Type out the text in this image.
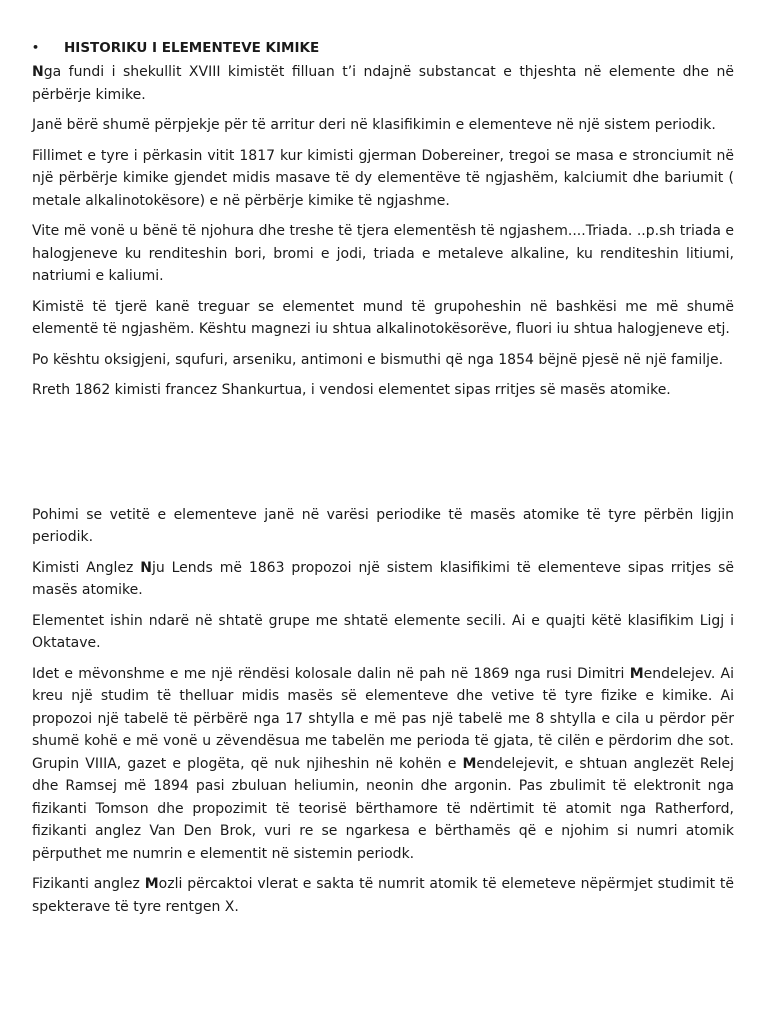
•	HISTORIKU I ELEMENTEVE KIMIKE

Nga fundi i shekullit XVIII kimistët filluan t’i ndajnë substancat e thjeshta në elemente dhe në përbërje kimike.

Janë bërë shumë përpjekje për të arritur deri në klasifikimin e elementeve në një sistem periodik.

Fillimet e tyre i përkasin vitit 1817 kur kimisti gjerman Dobereiner, tregoi se masa e stronciumit në një përbërje kimike gjendet midis masave të dy elementëve të ngjashëm, kalciumit dhe bariumit ( metale alkalinotokësore) e në përbërje kimike të ngjashme.

Vite më vonë u bënë të njohura dhe treshe të tjera elementësh të ngjashem....Triada. ..p.sh triada e halogjeneve ku renditeshin bori, bromi e jodi, triada e metaleve alkaline, ku renditeshin litiumi, natriumi e kaliumi.

Kimistë të tjerë kanë treguar se elementet mund të grupoheshin në bashkësi me më shumë elementë të ngjashëm. Kështu magnezi iu shtua alkalinotokësorëve, fluori iu shtua halogjeneve etj.

Po kështu oksigjeni, squfuri, arseniku, antimoni e bismuthi që nga 1854 bëjnë pjesë në një familje.

Rreth 1862 kimisti francez Shankurtua, i vendosi elementet sipas rritjes së masës atomike.

Pohimi se vetitë e elementeve janë në varësi periodike të masës atomike të tyre përbën ligjin periodik.

Kimisti Anglez Nju Lends më 1863 propozoi një sistem klasifikimi të elementeve sipas rritjes së masës atomike.

Elementet ishin ndarë në shtatë grupe me shtatë elemente secili. Ai e quajti këtë klasifikim Ligj i Oktatave.

Idet e mëvonshme e me një rëndësi kolosale dalin në pah në 1869 nga rusi Dimitri Mendelejev. Ai kreu një studim të thelluar midis masës së elementeve dhe vetive të tyre fizike e kimike. Ai propozoi një tabelë të përbërë nga 17 shtylla e më pas një tabelë me 8 shtylla e cila u përdor për shumë kohë e më vonë u zëvendësua me tabelën me perioda të gjata, të cilën e përdorim dhe sot. Grupin VIIIA, gazet e plogëta, që nuk njiheshin në kohën e Mendelejevit, e shtuan anglezët Relej dhe Ramsej më 1894 pasi zbuluan heliumin, neonin dhe argonin. Pas zbulimit të elektronit nga fizikanti Tomson dhe propozimit të teorisë bërthamore të ndërtimit të atomit nga Ratherford, fizikanti anglez Van Den Brok, vuri re se ngarkesa e bërthamës që e njohim si numri atomik përputhet me numrin e elementit në sistemin periodk.

Fizikanti anglez Mozli përcaktoi vlerat e sakta të numrit atomik të elemeteve nëpërmjet studimit të spekterave të tyre rentgen X.
